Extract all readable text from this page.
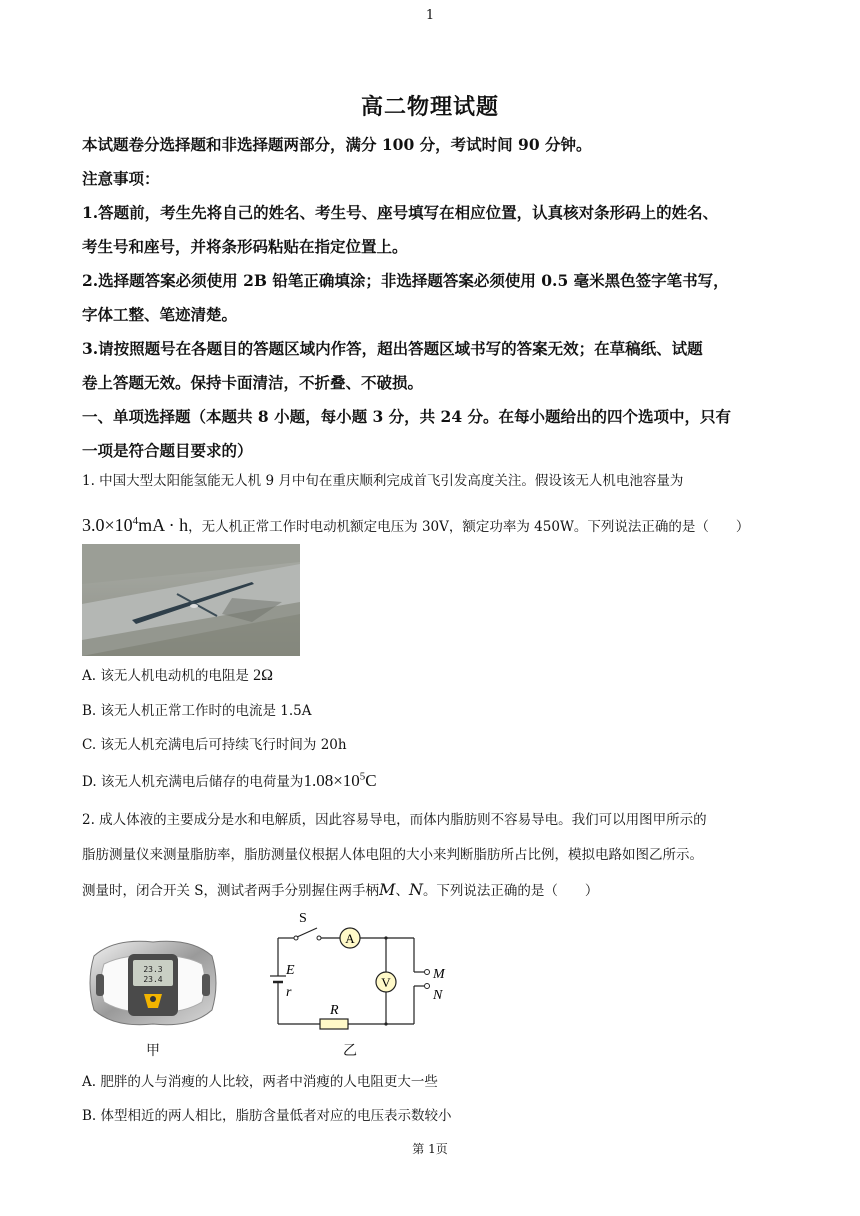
1
高二物理试题
本试题卷分选择题和非选择题两部分，满分 100 分，考试时间 90 分钟。
注意事项：
1.答题前，考生先将自己的姓名、考生号、座号填写在相应位置，认真核对条形码上的姓名、
考生号和座号，并将条形码粘贴在指定位置上。
2.选择题答案必须使用 2B 铅笔正确填涂；非选择题答案必须使用 0.5 毫米黑色签字笔书写，
字体工整、笔迹清楚。
3.请按照题号在各题目的答题区域内作答，超出答题区域书写的答案无效；在草稿纸、试题
卷上答题无效。保持卡面清洁，不折叠、不破损。
一、单项选择题（本题共 8 小题，每小题 3 分，共 24 分。在每小题给出的四个选项中，只有
一项是符合题目要求的）
1. 中国大型太阳能氢能无人机 9 月中旬在重庆顺利完成首飞引发高度关注。假设该无人机电池容量为
$3.0\times 10^4mA \cdot h$，无人机正常工作时电动机额定电压为 30V，额定功率为 450W。下列说法正确的是（　　）
A. 该无人机电动机的电阻是 2Ω
B. 该无人机正常工作时的电流是 1.5A
C. 该无人机充满电后可持续飞行时间为 20h
D. 该无人机充满电后储存的电荷量为$1.08\times 10^5C$
2. 成人体液的主要成分是水和电解质，因此容易导电，而体内脂肪则不容易导电。我们可以用图甲所示的
脂肪测量仪来测量脂肪率，脂肪测量仪根据人体电阻的大小来判断脂肪所占比例，模拟电路如图乙所示。
测量时，闭合开关 S，测试者两手分别握住两手柄M、N。下列说法正确的是（　　）
23.3
23.4
甲
A
S
E
r
R
V
M
N
乙
A. 肥胖的人与消瘦的人比较，两者中消瘦的人电阻更大一些
B. 体型相近的两人相比，脂肪含量低者对应的电压表示数较小
第 1页
